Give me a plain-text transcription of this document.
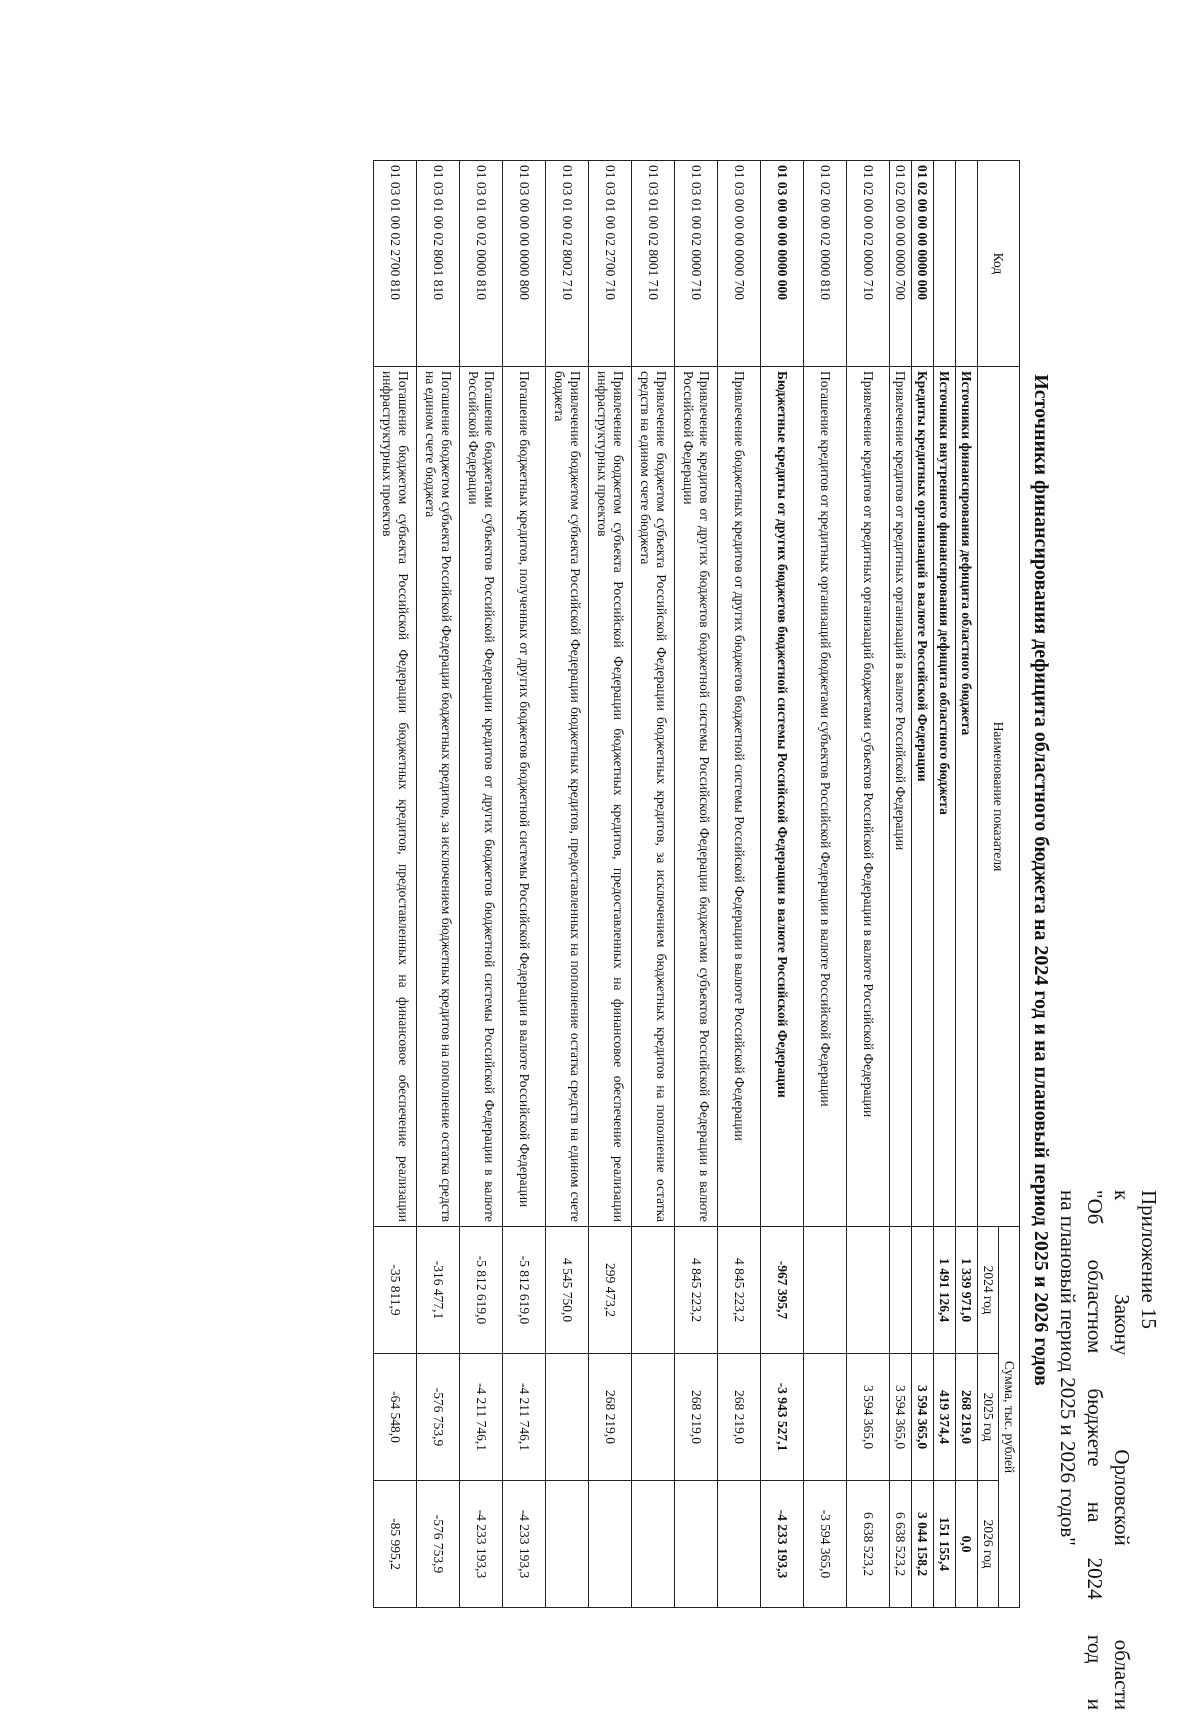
Приложение 15
к
Закону
Орловской
области
"Об
областном
бюджете
на
2024
год
и
на плановый период 2025 и 2026 годов"
Источники финансирования дефицита областного бюджета на 2024 год и на плановый период 2025 и 2026 годов
Код	Наименование показателя	Сумма, тыс. рублей		
		2024 год	2025 год	2026 год
	Источники финансирования дефицита областного бюджета	1 339 971,0	268 219,0	0,0
	Источники внутреннего финансирования дефицита областного бюджета	1 491 126,4	419 374,4	151 155,4
01 02 00 00 00 0000 000	Кредиты кредитных организаций в валюте Российской Федерации		3 594 365,0	3 044 158,2
01 02 00 00 00 0000 700	Привлечение кредитов от кредитных организаций в валюте Российской Федерации		3 594 365,0	6 638 523,2
01 02 00 00 02 0000 710	Привлечение кредитов от кредитных организаций бюджетами субъектов Российской Федерации в валюте Российской Федерации		3 594 365,0	6 638 523,2
01 02 00 00 02 0000 810	Погашение кредитов от кредитных организаций бюджетами субъектов Российской Федерации в валюте Российской Федерации			-3 594 365,0
01 03 00 00 00 0000 000	Бюджетные кредиты от других бюджетов бюджетной системы Российской Федерации в валюте Российской Федерации	-967 395,7	-3 943 527,1	-4 233 193,3
01 03 00 00 00 0000 700	Привлечение бюджетных кредитов от других бюджетов бюджетной системы Российской Федерации в валюте Российской Федерации	4 845 223,2	268 219,0	
01 03 01 00 02 0000 710	Привлечение кредитов от других бюджетов бюджетной системы Российской Федерации бюджетами субъектов Российской Федерации в валюте Российской Федерации	4 845 223,2	268 219,0	
01 03 01 00 02 8001 710	Привлечение бюджетом субъекта Российской Федерации бюджетных кредитов, за исключением бюджетных кредитов на пополнение остатка средств на едином счете бюджета			
01 03 01 00 02 2700 710	Привлечение бюджетом субъекта Российской Федерации бюджетных кредитов, предоставленных на финансовое обеспечение реализации инфраструктурных проектов	299 473,2	268 219,0	
01 03 01 00 02 8002 710	Привлечение бюджетом субъекта Российской Федерации бюджетных кредитов, предоставленных на пополнение остатка средств на едином счете бюджета	4 545 750,0		
01 03 00 00 00 0000 800	Погашение бюджетных кредитов, полученных от других бюджетов бюджетной системы Российской Федерации в валюте Российской Федерации	-5 812 619,0	-4 211 746,1	-4 233 193,3
01 03 01 00 02 0000 810	Погашение бюджетами субъектов Российской Федерации кредитов от других бюджетов бюджетной системы Российской Федерации в валюте Российской Федерации	-5 812 619,0	-4 211 746,1	-4 233 193,3
01 03 01 00 02 8001 810	Погашение бюджетом субъекта Российской Федерации бюджетных кредитов, за исключением бюджетных кредитов на пополнение остатка средств на едином счете бюджета	-316 477,1	-576 753,9	-576 753,9
01 03 01 00 02 2700 810	Погашение бюджетом субъекта Российской Федерации бюджетных кредитов, предоставленных на финансовое обеспечение реализации инфраструктурных проектов	-35 811,9	-64 548,0	-85 995,2
